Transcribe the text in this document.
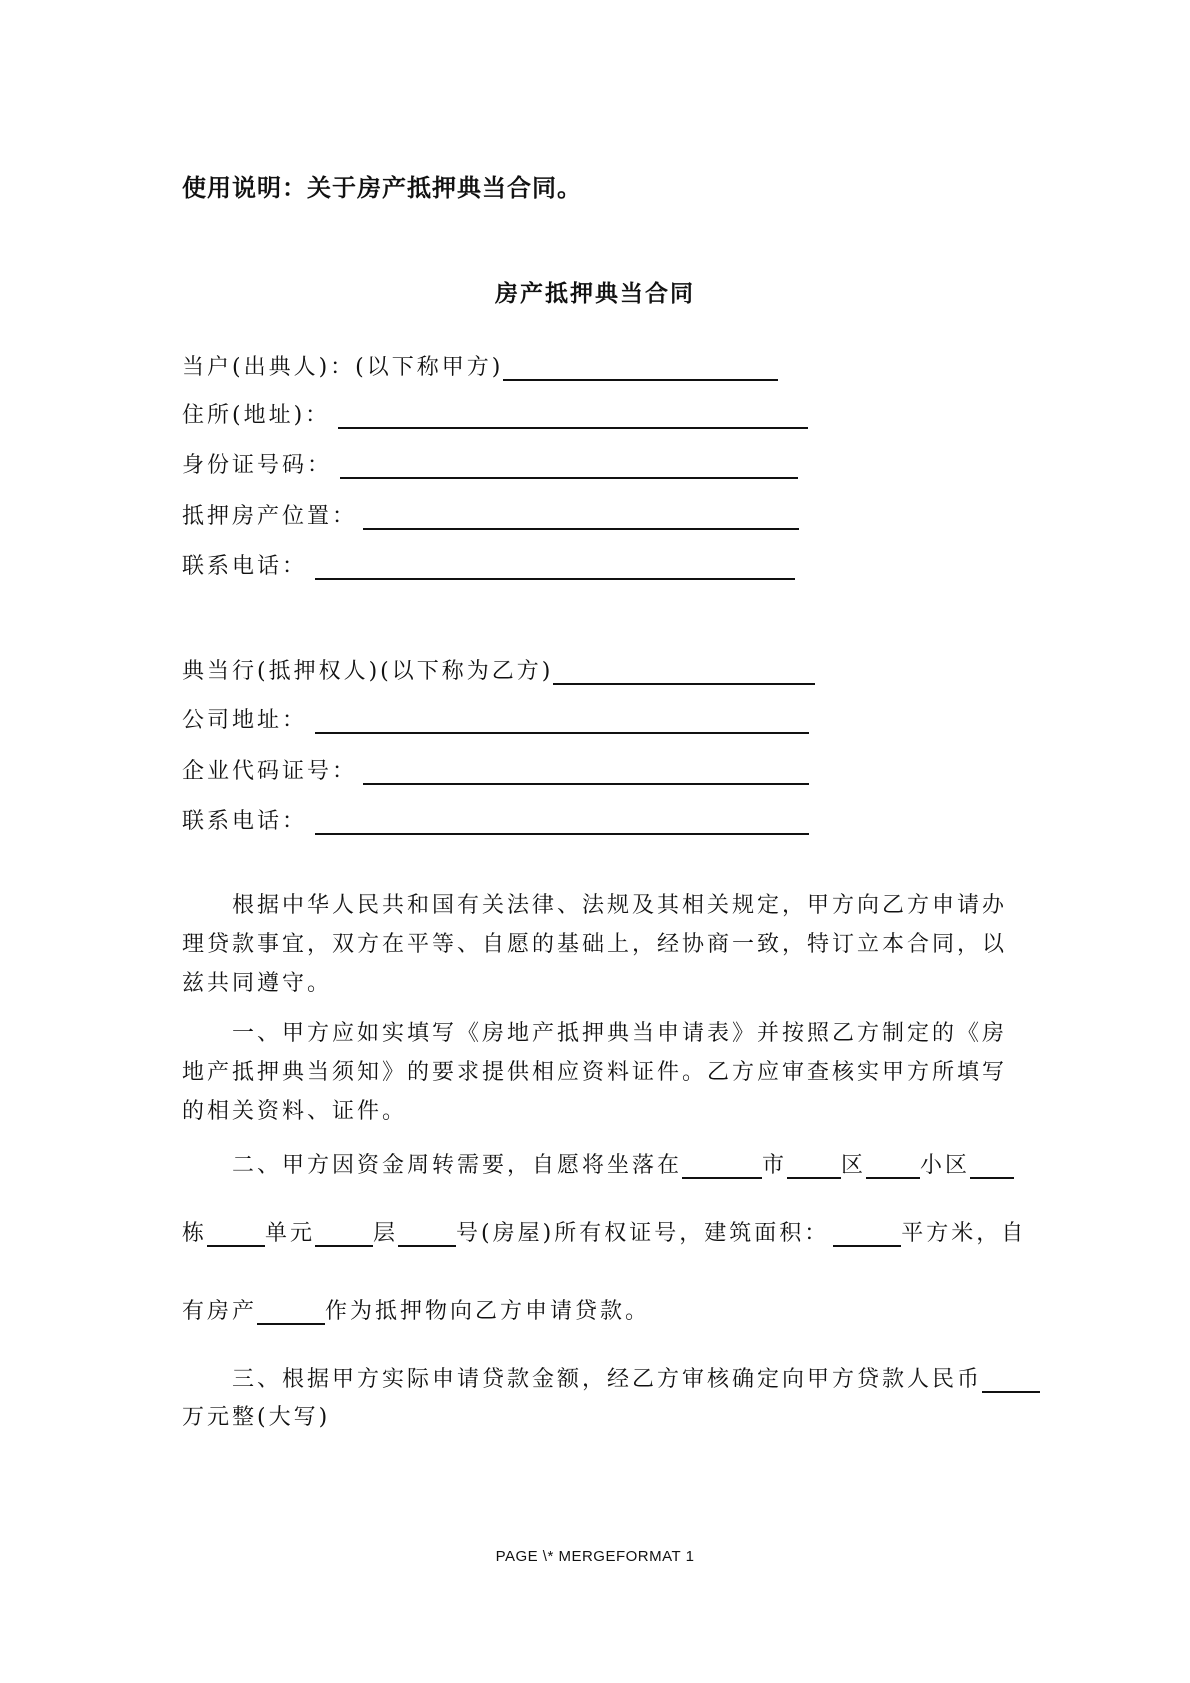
使用说明：关于房产抵押典当合同。
房产抵押典当合同
当户(出典人)：(以下称甲方)
住所(地址)：
身份证号码：
抵押房产位置：
联系电话：
典当行(抵押权人)(以下称为乙方)
公司地址：
企业代码证号：
联系电话：
根据中华人民共和国有关法律、法规及其相关规定，甲方向乙方申请办理贷款事宜，双方在平等、自愿的基础上，经协商一致，特订立本合同，以兹共同遵守。
一、甲方应如实填写《房地产抵押典当申请表》并按照乙方制定的《房地产抵押典当须知》的要求提供相应资料证件。乙方应审查核实甲方所填写的相关资料、证件。
二、甲方因资金周转需要，自愿将坐落在	市 区 小区
栋	单元	层	号(房屋)所有权证号，建筑面积：	平方米，自
有房产	作为抵押物向乙方申请贷款。
三、根据甲方实际申请贷款金额，经乙方审核确定向甲方贷款人民币
万元整(大写)
PAGE \* MERGEFORMAT 1
